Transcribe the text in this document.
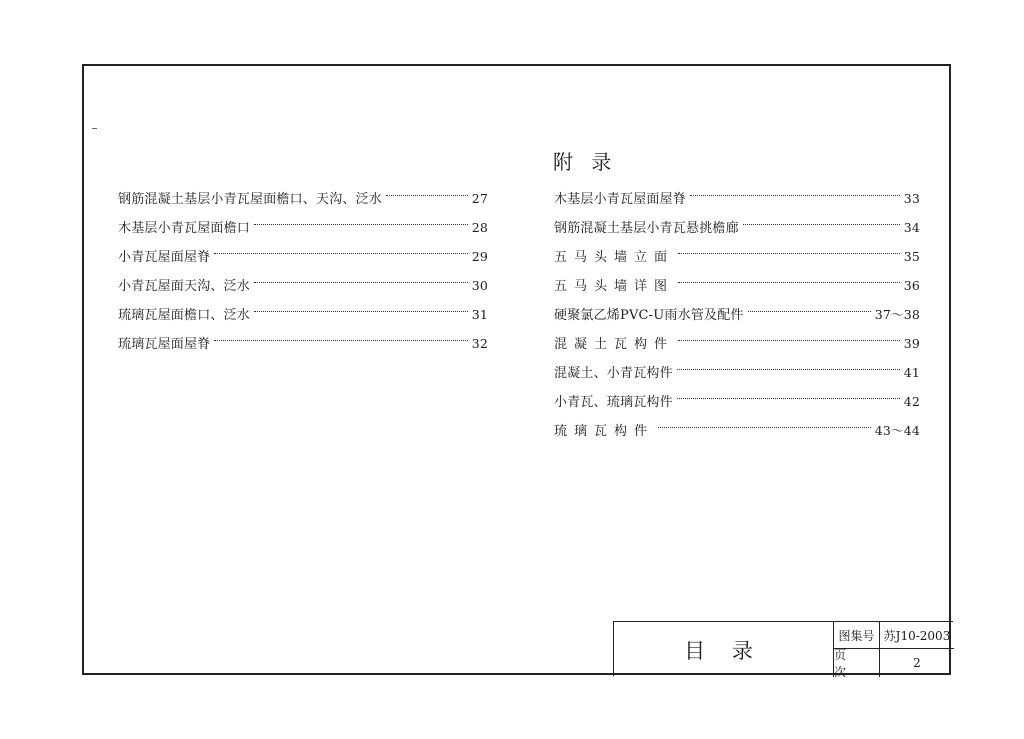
附 录
钢筋混凝土基层小青瓦屋面檐口、天沟、泛水	27
木基层小青瓦屋面檐口	28
小青瓦屋面屋脊	29
小青瓦屋面天沟、泛水	30
琉璃瓦屋面檐口、泛水	31
琉璃瓦屋面屋脊	32
木基层小青瓦屋面屋脊	33
钢筋混凝土基层小青瓦悬挑檐廊	34
五马头墙立面	35
五马头墙详图	36
硬聚氯乙烯PVC-U雨水管及配件	37～38
混凝土瓦构件	39
混凝土、小青瓦构件	41
小青瓦、琉璃瓦构件	42
琉璃瓦构件	43～44
目 录
图集号 苏J10-2003
页 次
2
